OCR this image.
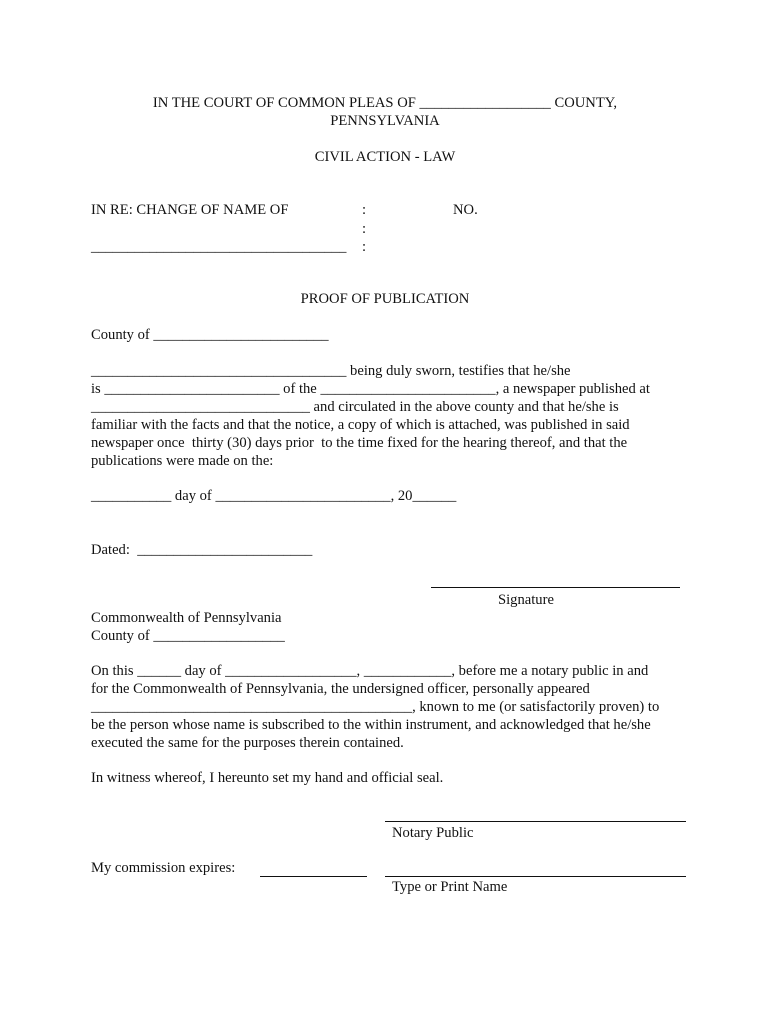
IN THE COURT OF COMMON PLEAS OF __________________ COUNTY,
PENNSYLVANIA
CIVIL ACTION - LAW
IN RE: CHANGE OF NAME OF	:	NO.
:
___________________________________ :
PROOF OF PUBLICATION
County of ________________________
___________________________________ being duly sworn, testifies that he/she
is ________________________ of the ________________________, a newspaper published at
______________________________ and circulated in the above county and that he/she is
familiar with the facts and that the notice, a copy of which is attached, was published in said
newspaper once  thirty (30) days prior  to the time fixed for the hearing thereof, and that the
publications were made on the:
___________ day of ________________________, 20______
Dated:  ________________________
Signature
Commonwealth of Pennsylvania
County of __________________
On this ______ day of __________________, ____________, before me a notary public in and
for the Commonwealth of Pennsylvania, the undersigned officer, personally appeared
____________________________________________, known to me (or satisfactorily proven) to
be the person whose name is subscribed to the within instrument, and acknowledged that he/she
executed the same for the purposes therein contained.
In witness whereof, I hereunto set my hand and official seal.
Notary Public
My commission expires:
Type or Print Name
